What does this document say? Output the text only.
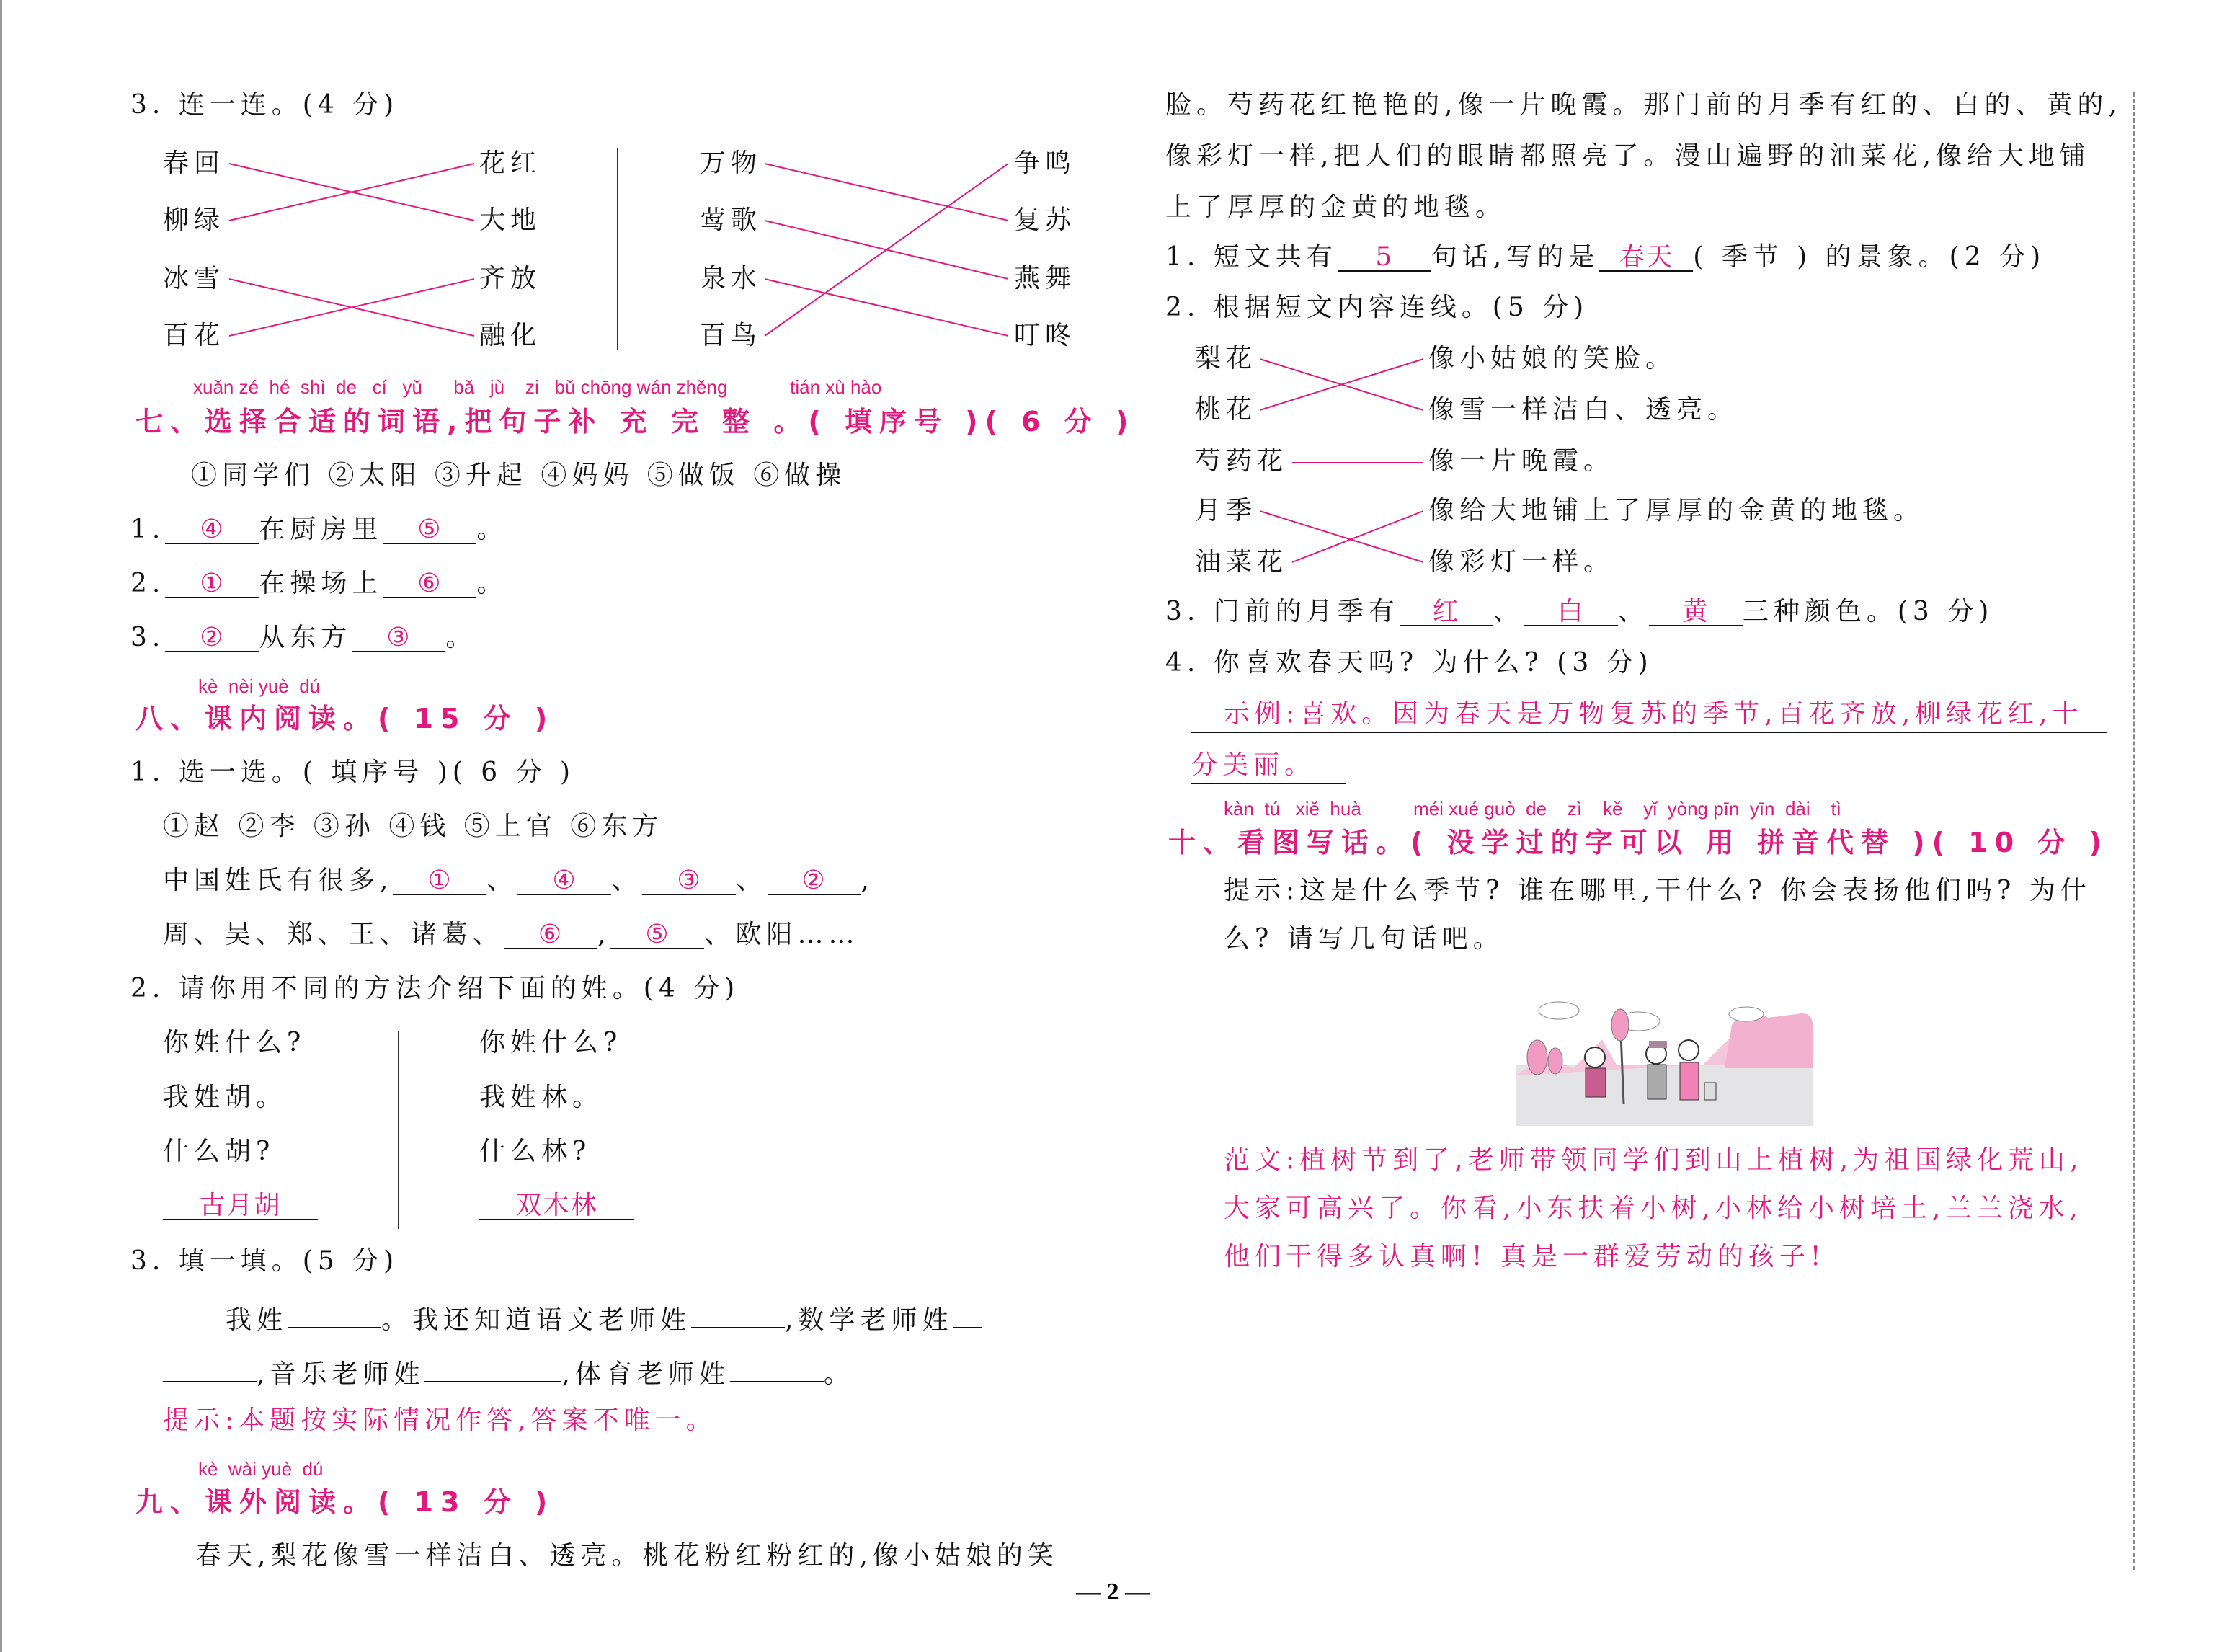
3. 连一连。(4 分)
春回
柳绿
冰雪
百花
花红
大地
齐放
融化
万物
莺歌
泉水
百鸟
争鸣
复苏
燕舞
叮咚
xuǎn zé  hé  shì  de   cí   yǔ      bǎ   jù    zi   bǔ chōng wán zhěng            tián xù hào
七、选择合适的词语,把句子补 充 完 整 。( 填序号 )( 6 分 )
①同学们 ②太阳 ③升起 ④妈妈 ⑤做饭 ⑥做操
1. ④ 在厨房里 ⑤ 。
2. ① 在操场上 ⑥ 。
3. ② 从东方 ③ 。
kè  nèi yuè  dú
八、课内阅读。( 15 分 )
1. 选一选。( 填序号 )( 6 分 )
①赵 ②李 ③孙 ④钱 ⑤上官 ⑥东方
中国姓氏有很多, ① 、 ④ 、 ③ 、 ② ,
周、吴、郑、王、诸葛、 ⑥ , ⑤ 、欧阳……
2. 请你用不同的方法介绍下面的姓。(4 分)
你姓什么?
我姓胡。
什么胡?
古月胡
你姓什么?
我姓林。
什么林?
双木林
3. 填一填。(5 分)
我姓	。我还知道语文老师姓	,数学老师姓
,音乐老师姓	,体育老师姓	。
提示:本题按实际情况作答,答案不唯一。
kè  wài yuè  dú
九、课外阅读。( 13 分 )
春天,梨花像雪一样洁白、透亮。桃花粉红粉红的,像小姑娘的笑
脸。芍药花红艳艳的,像一片晚霞。那门前的月季有红的、白的、黄的,
像彩灯一样,把人们的眼睛都照亮了。漫山遍野的油菜花,像给大地铺
上了厚厚的金黄的地毯。
1. 短文共有 5 句话,写的是 春天 ( 季节 ) 的景象。(2 分)
2. 根据短文内容连线。(5 分)
梨花
桃花
芍药花
月季
油菜花
像小姑娘的笑脸。
像雪一样洁白、透亮。
像一片晚霞。
像给大地铺上了厚厚的金黄的地毯。
像彩灯一样。
3. 门前的月季有 红 、 白 、 黄 三种颜色。(3 分)
4. 你喜欢春天吗? 为什么? (3 分)
示例:喜欢。因为春天是万物复苏的季节,百花齐放,柳绿花红,十
分美丽。
kàn  tú   xiě  huà          méi xué guò  de    zì    kě    yǐ  yòng pīn  yīn  dài    tì
十、看图写话。( 没学过的字可以 用 拼音代替 )( 10 分 )
提示:这是什么季节? 谁在哪里,干什么? 你会表扬他们吗? 为什
么? 请写几句话吧。
范文:植树节到了,老师带领同学们到山上植树,为祖国绿化荒山,
大家可高兴了。你看,小东扶着小树,小林给小树培土,兰兰浇水,
他们干得多认真啊! 真是一群爱劳动的孩子!
— 2 —
